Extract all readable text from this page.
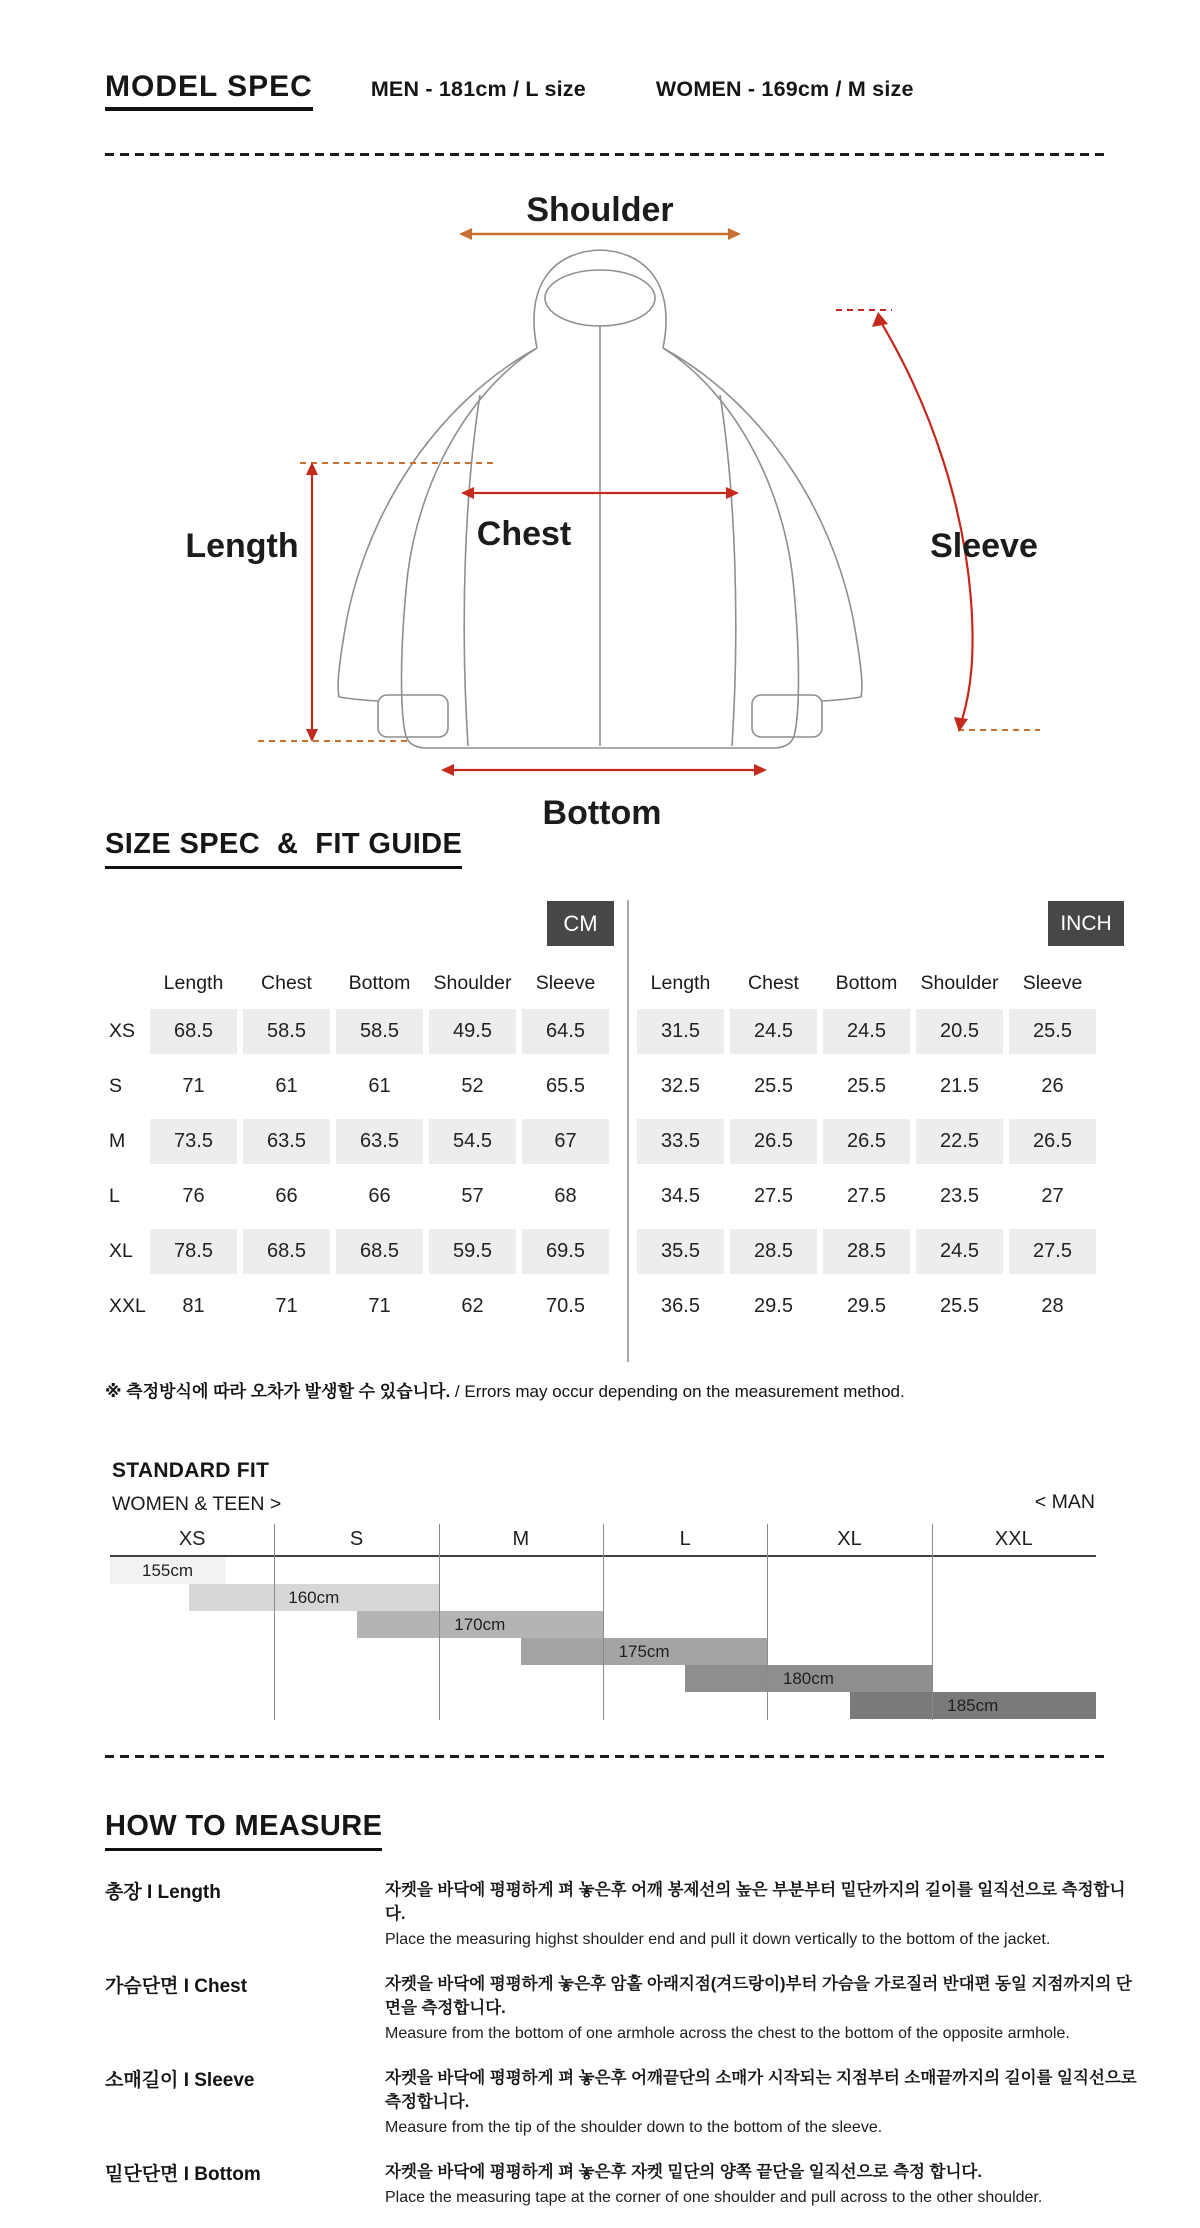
MODEL SPEC	MEN - 181cm / L size	WOMEN - 169cm / M size
Shoulder
Length	Chest	Sleeve
Bottom
SIZE SPEC  &  FIT GUIDE
CM	INCH
Length	Chest	Bottom	Shoulder	Sleeve
XS	68.5	58.5	58.5	49.5	64.5
S	71	61	61	52	65.5
M	73.5	63.5	63.5	54.5	67
L	76	66	66	57	68
XL	78.5	68.5	68.5	59.5	69.5
XXL	81	71	71	62	70.5
Length	Chest	Bottom	Shoulder	Sleeve
31.5	24.5	24.5	20.5	25.5
32.5	25.5	25.5	21.5	26
33.5	26.5	26.5	22.5	26.5
34.5	27.5	27.5	23.5	27
35.5	28.5	28.5	24.5	27.5
36.5	29.5	29.5	25.5	28
※ 측정방식에 따라 오차가 발생할 수 있습니다. / Errors may occur depending on the measurement method.
STANDARD FIT
WOMEN & TEEN >	< MAN
XS	S	M	L	XL	XXL
155cm
160cm
170cm
175cm
180cm
185cm
HOW TO MEASURE
총장 I Length	자켓을 바닥에 평평하게 펴 놓은후 어깨 봉제선의 높은 부분부터 밑단까지의 길이를 일직선으로 측정합니다.
Place the measuring highst shoulder end and pull it down vertically to the bottom of the jacket.
가슴단면 I Chest	자켓을 바닥에 평평하게 놓은후 암홀 아래지점(겨드랑이)부터 가슴을 가로질러 반대편 동일 지점까지의 단면을 측정합니다.
Measure from the bottom of one armhole across the chest to the bottom of the opposite armhole.
소매길이 I Sleeve	자켓을 바닥에 평평하게 펴 놓은후 어깨끝단의 소매가 시작되는 지점부터 소매끝까지의 길이를 일직선으로 측정합니다.
Measure from the tip of the shoulder down to the bottom of the sleeve.
밑단단면 I Bottom	자켓을 바닥에 평평하게 펴 놓은후 자켓 밑단의 양쪽 끝단을 일직선으로 측정 합니다.
Place the measuring tape at the corner of one shoulder and pull across to the other shoulder.
